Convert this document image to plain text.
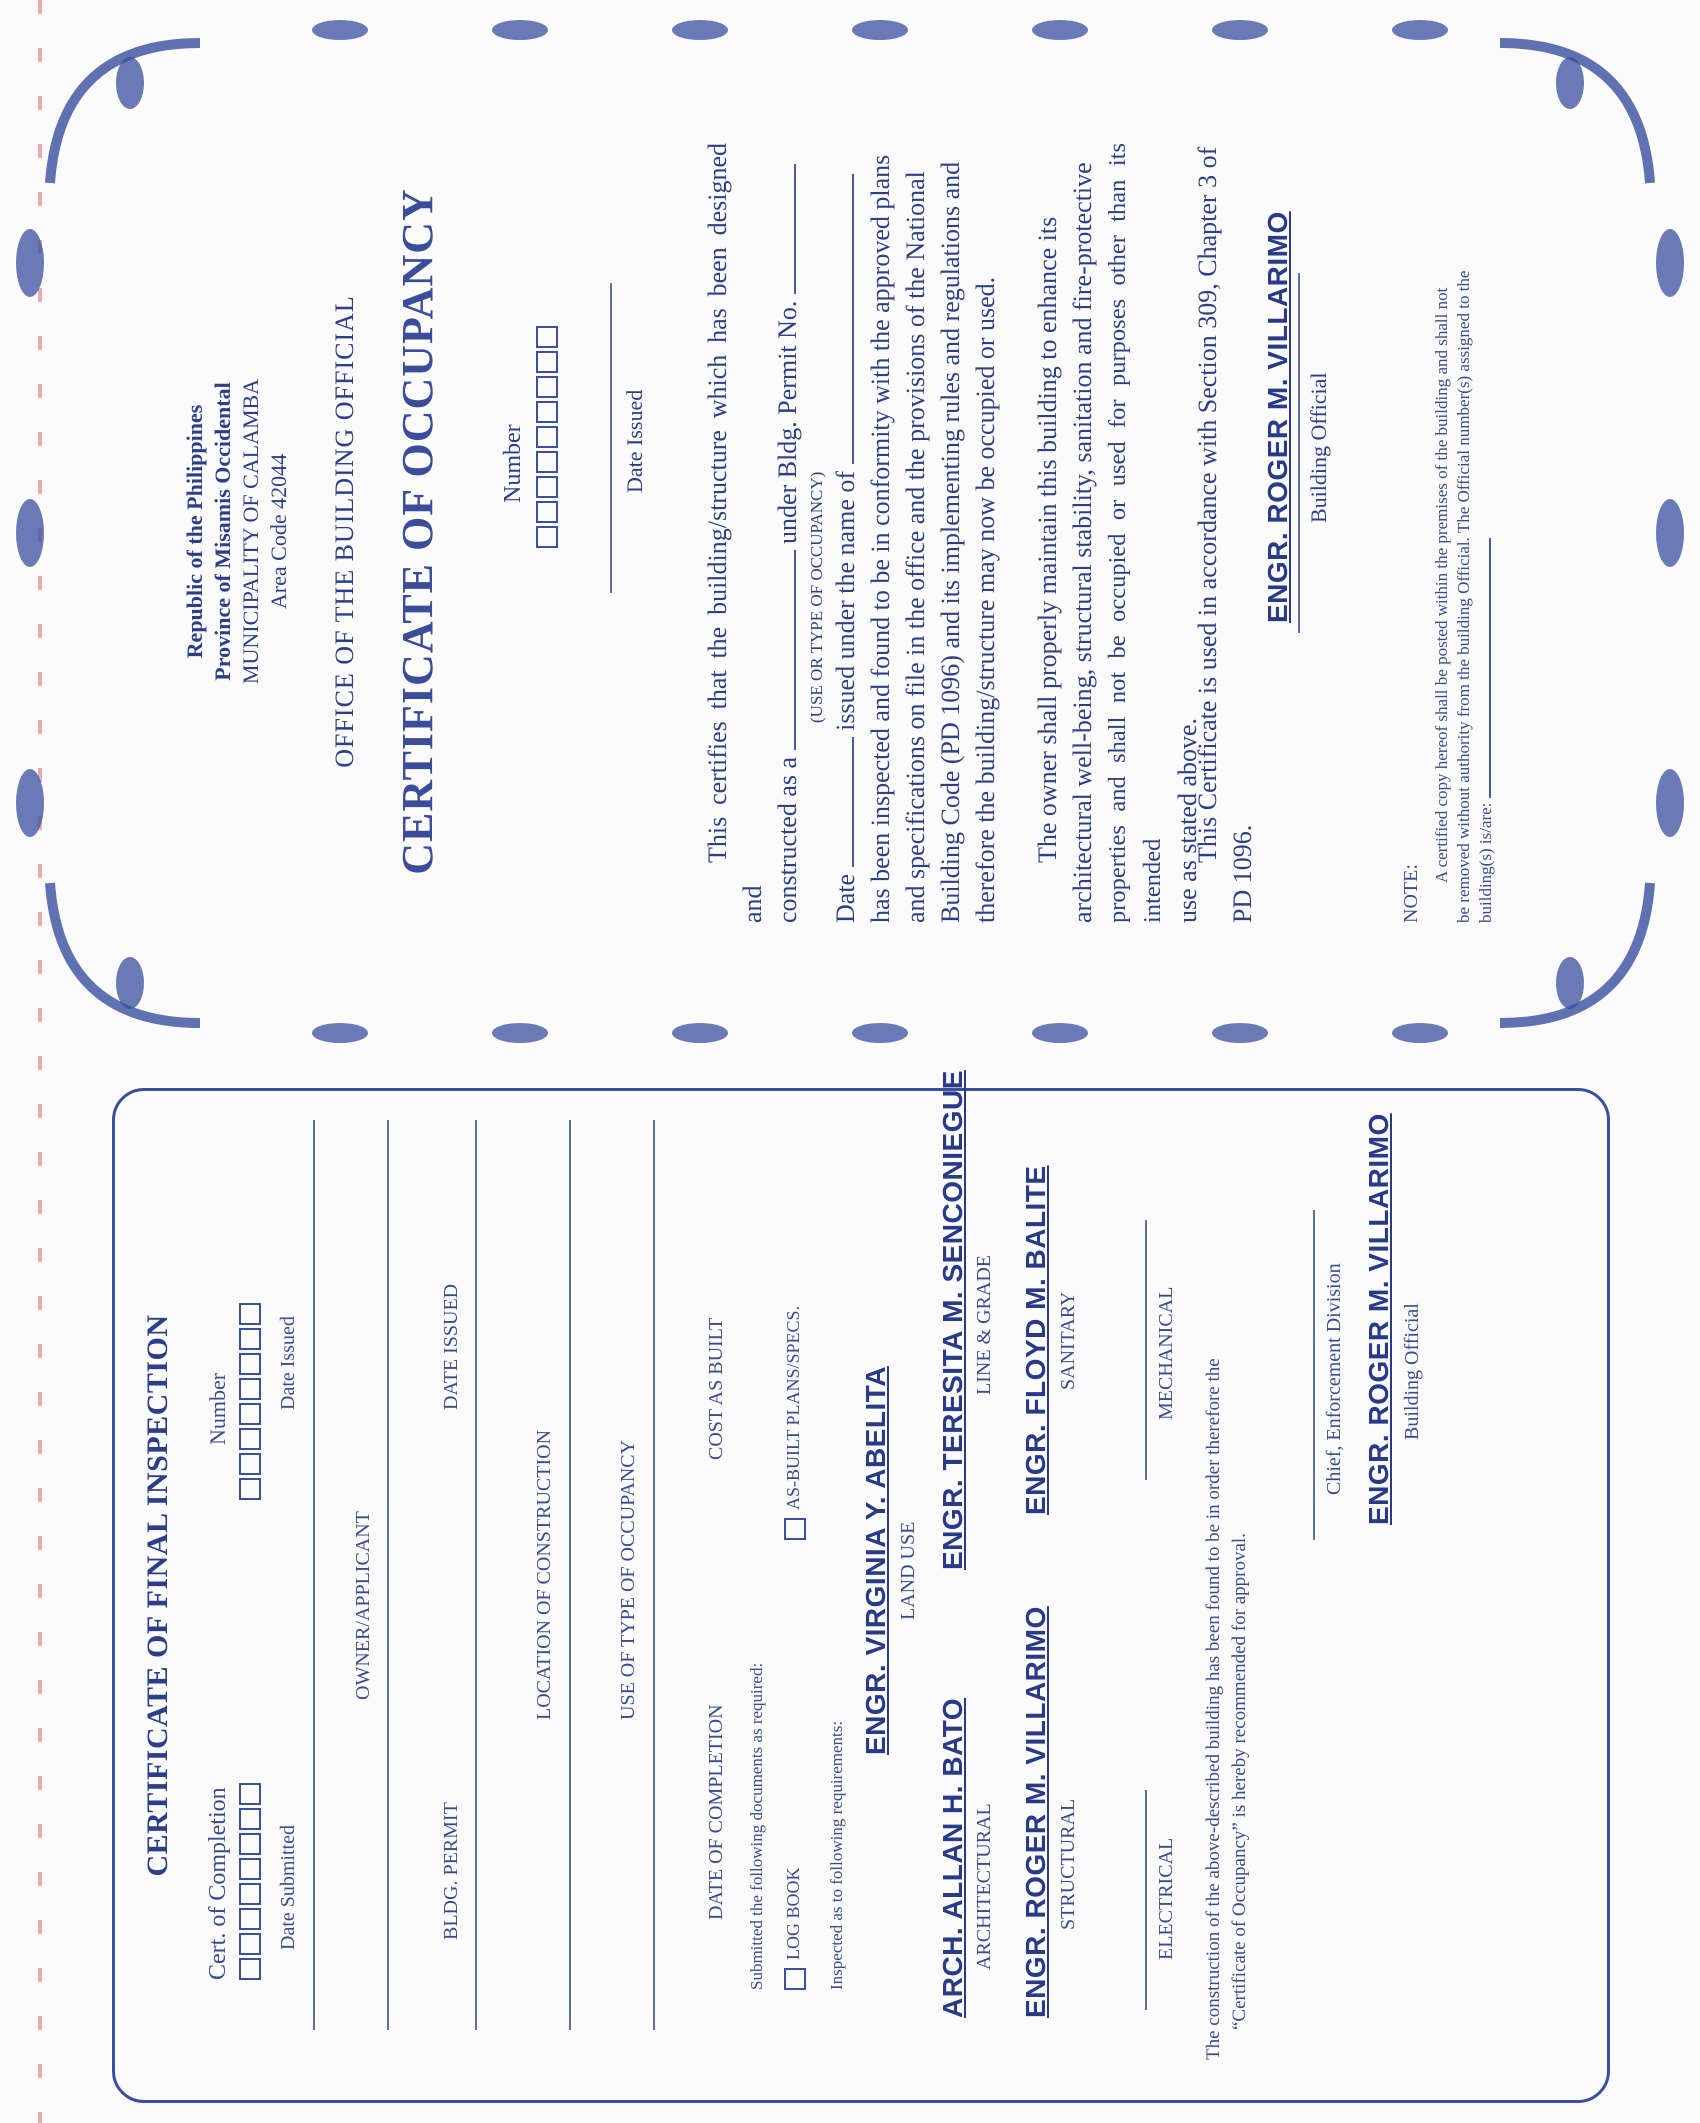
CERTIFICATE OF FINAL INSPECTION
Cert. of Completion
Number
Date Submitted
Date Issued
OWNER/APPLICANT
BLDG. PERMIT
DATE ISSUED
LOCATION OF CONSTRUCTION	USE OF TYPE OF OCCUPANCY
DATE OF COMPLETION
COST AS BUILT
Submitted the following documents as required: LOG BOOK
AS-BUILT PLANS/SPECS.
Inspected as to following requirements:
ENGR. VIRGINIA Y. ABELITA LAND USE
ARCH. ALLAN H. BATO ARCHITECTURAL
ENGR. TERESITA M. SENCONIEGUE LINE & GRADE
ENGR. ROGER M. VILLARIMO STRUCTURAL
ENGR. FLOYD M. BALITE SANITARY
ELECTRICAL
MECHANICAL
The construction of the above-described building has been found to be in order therefore the “Certificate of Occupancy” is hereby recommended for approval.
Chief, Enforcement Division ENGR. ROGER M. VILLARIMO Building Official
Republic of the Philippines Province of Misamis Occidental MUNICIPALITY OF CALAMBA Area Code 42044 OFFICE OF THE BUILDING OFFICIAL CERTIFICATE OF OCCUPANCY Number	Date Issued This certifies that the building/structure which has been designed and constructed as a  under Bldg. Permit No.
(USE OR TYPE OF OCCUPANCY)
Date  issued under the name of has been inspected and found to be in conformity with the approved plans and specifications on file in the office and the provisions of the National Building Code (PD 1096) and its implementing rules and regulations and therefore the building/structure may now be occupied or used. The owner shall properly maintain this building to enhance its architectural well-being, structural stability, sanitation and fire-protective properties and shall not be occupied or used for purposes other than its intended use as stated above.
This Certificate is used in accordance with Section 309, Chapter 3 of
PD 1096.
ENGR. ROGER M. VILLARIMO Building Official
NOTE:
A certified copy hereof shall be posted within the premises of the building and shall not be removed without authority from the building Official. The Official number(s) assigned to the building(s) is/are:
